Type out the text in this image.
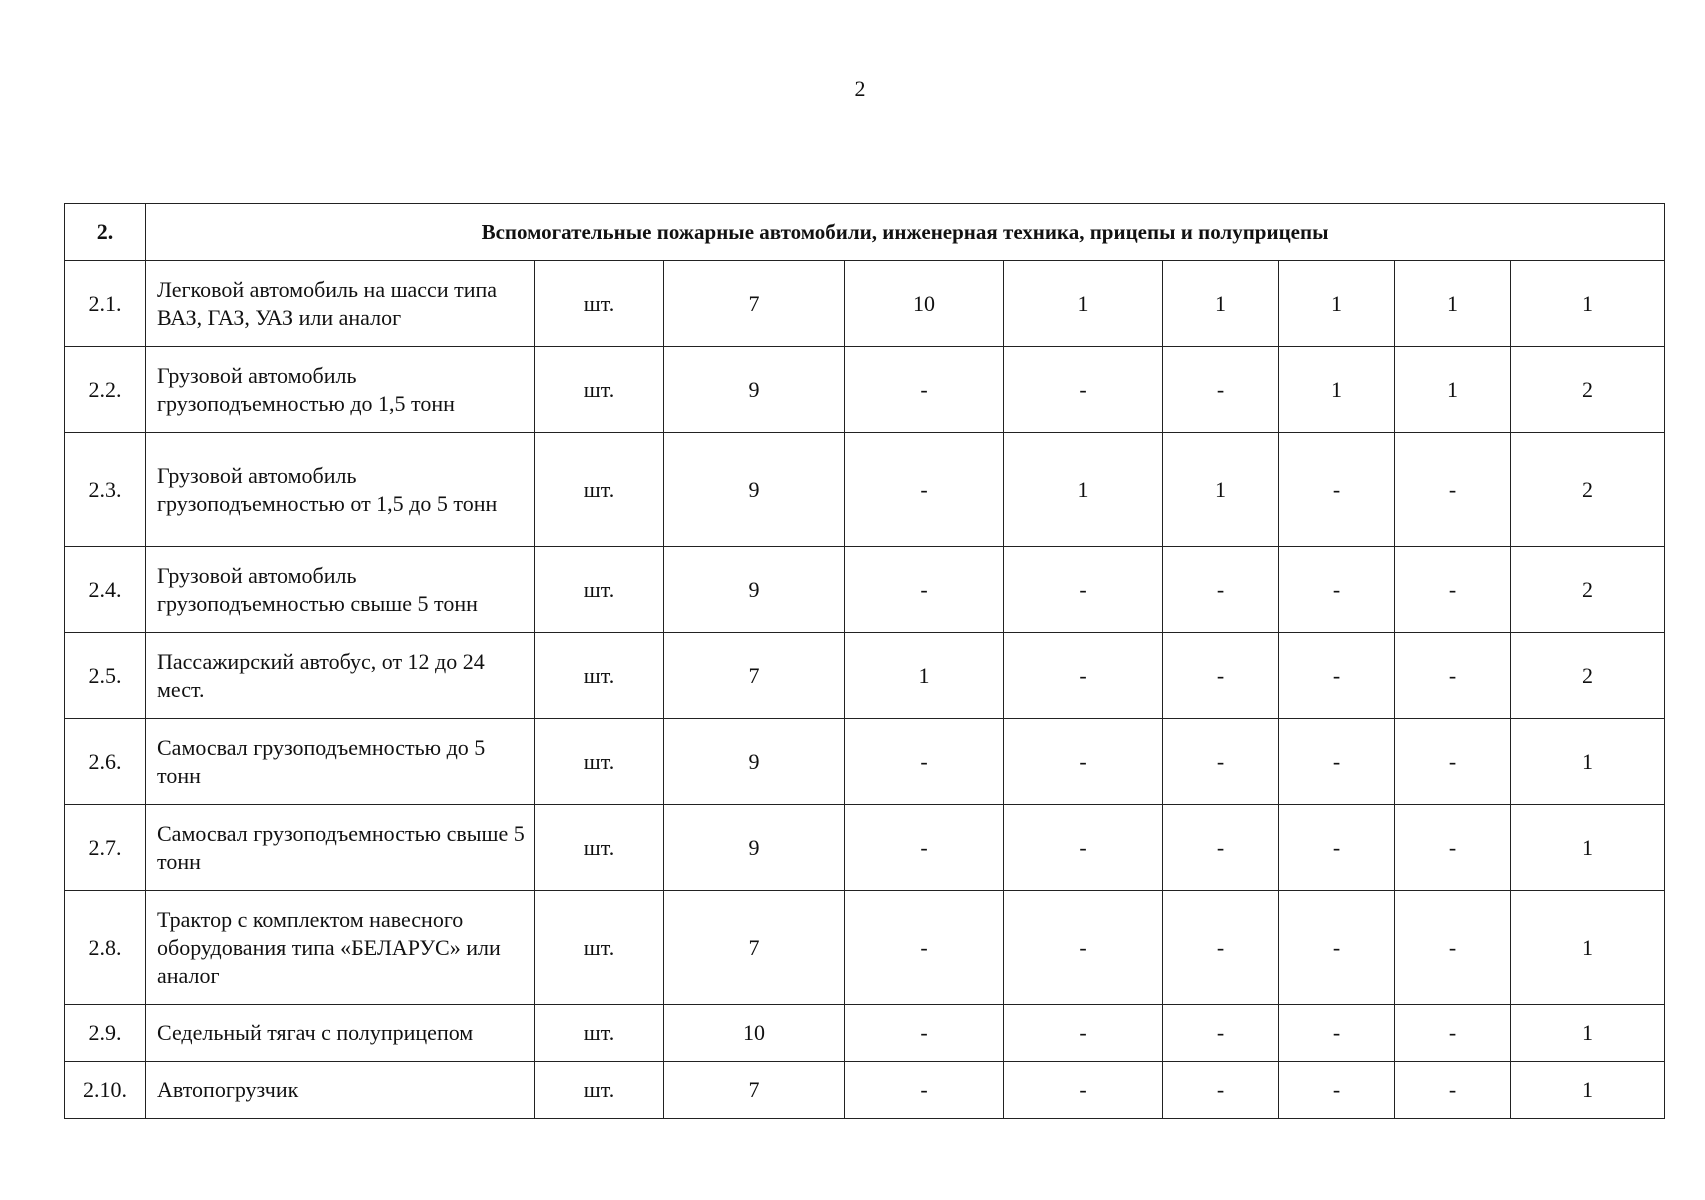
2
2.	Вспомогательные пожарные автомобили, инженерная техника, прицепы и полуприцепы								
2.1.	Легковой автомобиль на шасси типа ВАЗ, ГАЗ, УАЗ или аналог	шт.	7	10	1	1	1	1	1
2.2.	Грузовой автомобиль грузоподъемностью до 1,5 тонн	шт.	9	-	-	-	1	1	2
2.3.	Грузовой автомобиль грузоподъемностью от 1,5 до 5 тонн	шт.	9	-	1	1	-	-	2
2.4.	Грузовой автомобиль грузоподъемностью свыше 5 тонн	шт.	9	-	-	-	-	-	2
2.5.	Пассажирский автобус, от 12 до 24 мест.	шт.	7	1	-	-	-	-	2
2.6.	Самосвал грузоподъемностью до 5 тонн	шт.	9	-	-	-	-	-	1
2.7.	Самосвал грузоподъемностью свыше 5 тонн	шт.	9	-	-	-	-	-	1
2.8.	Трактор с комплектом навесного оборудования типа «БЕЛАРУС» или аналог	шт.	7	-	-	-	-	-	1
2.9.	Седельный тягач с полуприцепом	шт.	10	-	-	-	-	-	1
2.10.	Автопогрузчик	шт.	7	-	-	-	-	-	1
